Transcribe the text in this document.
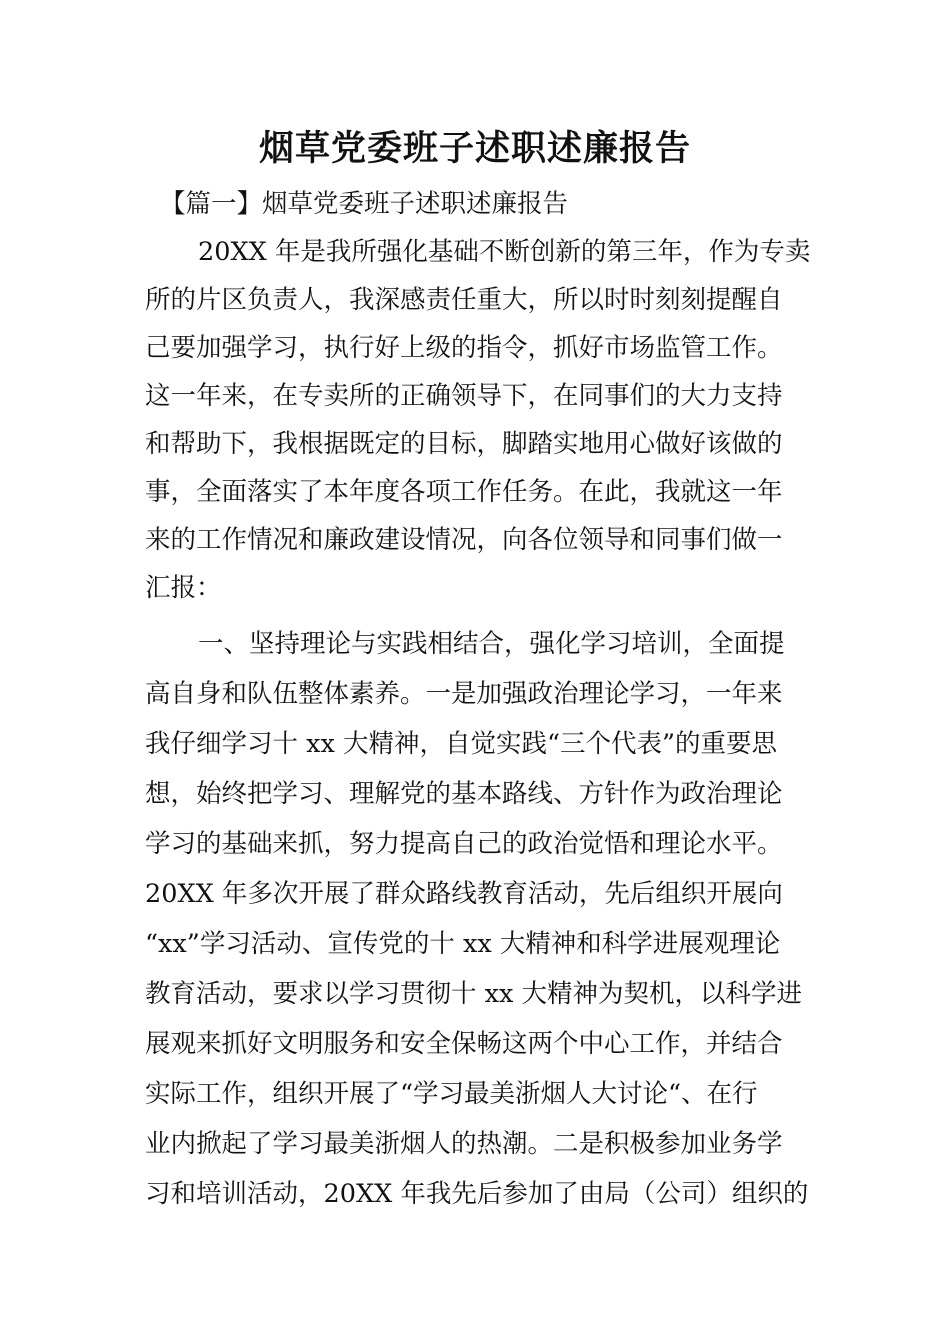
烟草党委班子述职述廉报告

【篇一】烟草党委班子述职述廉报告

20XX 年是我所强化基础不断创新的第三年，作为专卖

所的片区负责人，我深感责任重大，所以时时刻刻提醒自

己要加强学习，执行好上级的指令，抓好市场监管工作。

这一年来，在专卖所的正确领导下，在同事们的大力支持

和帮助下，我根据既定的目标，脚踏实地用心做好该做的

事，全面落实了本年度各项工作任务。在此，我就这一年

来的工作情况和廉政建设情况，向各位领导和同事们做一

汇报：

一、坚持理论与实践相结合，强化学习培训，全面提

高自身和队伍整体素养。一是加强政治理论学习，一年来

我仔细学习十 xx 大精神，自觉实践“三个代表”的重要思

想，始终把学习、理解党的基本路线、方针作为政治理论

学习的基础来抓，努力提高自己的政治觉悟和理论水平。

20XX 年多次开展了群众路线教育活动，先后组织开展向

“xx”学习活动、宣传党的十 xx 大精神和科学进展观理论

教育活动，要求以学习贯彻十 xx 大精神为契机，以科学进

展观来抓好文明服务和安全保畅这两个中心工作，并结合

实际工作，组织开展了“学习最美浙烟人大讨论“、在行

业内掀起了学习最美浙烟人的热潮。二是积极参加业务学

习和培训活动，20XX 年我先后参加了由局（公司）组织的
